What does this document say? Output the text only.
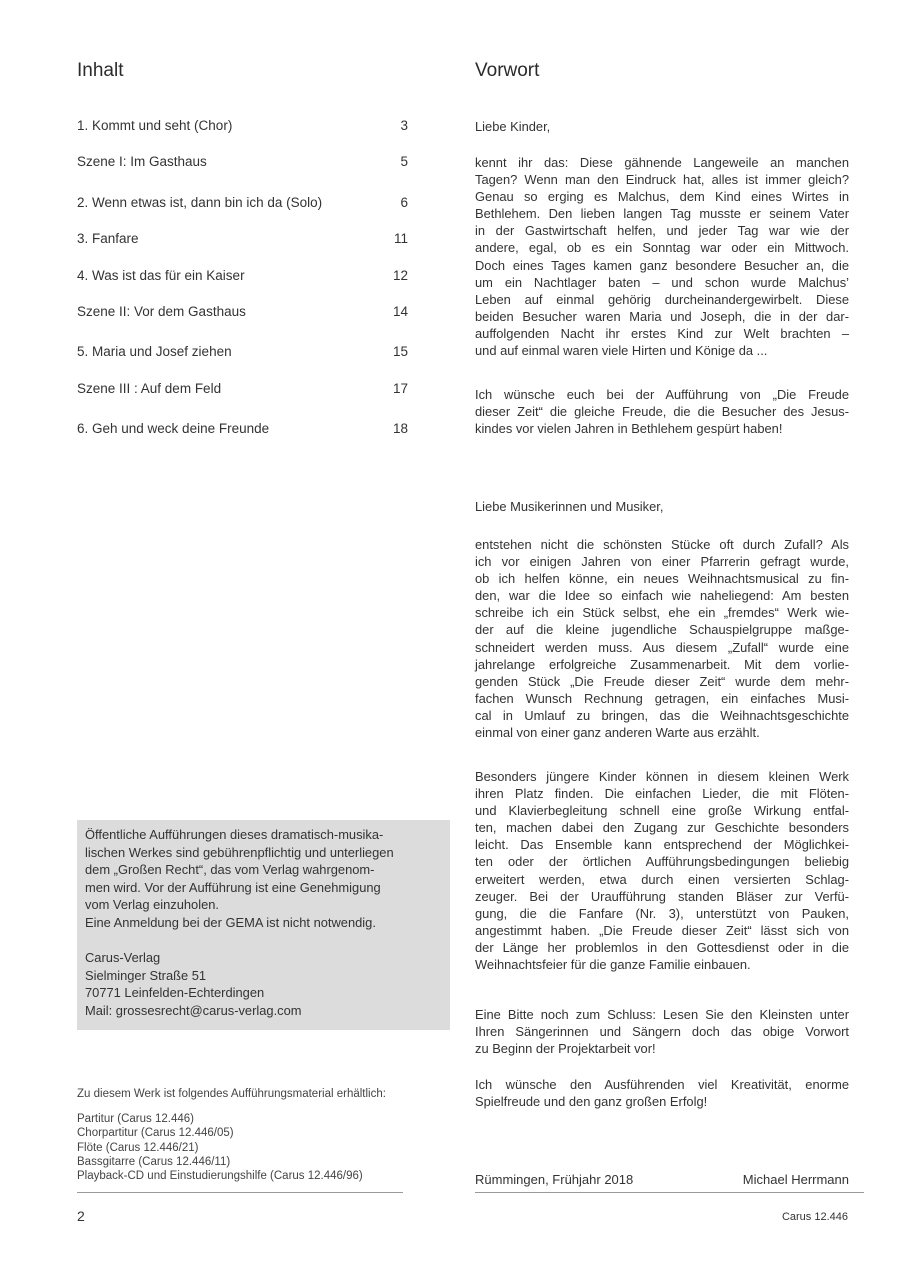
Inhalt	Vorwort
1. Kommt und seht (Chor)	3
Szene I: Im Gasthaus	5
2. Wenn etwas ist, dann bin ich da (Solo)	6
3. Fanfare	11
4. Was ist das für ein Kaiser	12
Szene II: Vor dem Gasthaus	14
5. Maria und Josef ziehen	15
Szene III : Auf dem Feld	17
6. Geh und weck deine Freunde	18
Öffentliche Aufführungen dieses dramatisch-musika-
lischen Werkes sind gebührenpflichtig und unterliegen
dem „Großen Recht“, das vom Verlag wahrgenom-
men wird. Vor der Aufführung ist eine Genehmigung
vom Verlag einzuholen.
Eine Anmeldung bei der GEMA ist nicht notwendig.
Carus-Verlag
Sielminger Straße 51
70771 Leinfelden-Echterdingen
Mail: grossesrecht@carus-verlag.com
Zu diesem Werk ist folgendes Aufführungsmaterial erhältlich:
Partitur (Carus 12.446)
Chorpartitur (Carus 12.446/05)
Flöte (Carus 12.446/21)
Bassgitarre (Carus 12.446/11)
Playback-CD und Einstudierungshilfe (Carus 12.446/96)
Liebe Kinder,
kennt ihr das: Diese gähnende Langeweile an manchen
Tagen? Wenn man den Eindruck hat, alles ist immer gleich?
Genau so erging es Malchus, dem Kind eines Wirtes in
Bethlehem. Den lieben langen Tag musste er seinem Vater
in der Gastwirtschaft helfen, und jeder Tag war wie der
andere, egal, ob es ein Sonntag war oder ein Mittwoch.
Doch eines Tages kamen ganz besondere Besucher an, die
um ein Nachtlager baten – und schon wurde Malchus’
Leben auf einmal gehörig durcheinandergewirbelt. Diese
beiden Besucher waren Maria und Joseph, die in der dar-
auffolgenden Nacht ihr erstes Kind zur Welt brachten –
und auf einmal waren viele Hirten und Könige da ...
Ich wünsche euch bei der Aufführung von „Die Freude
dieser Zeit“ die gleiche Freude, die die Besucher des Jesus-
kindes vor vielen Jahren in Bethlehem gespürt haben!
Liebe Musikerinnen und Musiker,
entstehen nicht die schönsten Stücke oft durch Zufall? Als
ich vor einigen Jahren von einer Pfarrerin gefragt wurde,
ob ich helfen könne, ein neues Weihnachtsmusical zu fin-
den, war die Idee so einfach wie naheliegend: Am besten
schreibe ich ein Stück selbst, ehe ein „fremdes“ Werk wie-
der auf die kleine jugendliche Schauspielgruppe maßge-
schneidert werden muss. Aus diesem „Zufall“ wurde eine
jahrelange erfolgreiche Zusammenarbeit. Mit dem vorlie-
genden Stück „Die Freude dieser Zeit“ wurde dem mehr-
fachen Wunsch Rechnung getragen, ein einfaches Musi-
cal in Umlauf zu bringen, das die Weihnachtsgeschichte
einmal von einer ganz anderen Warte aus erzählt.
Besonders jüngere Kinder können in diesem kleinen Werk
ihren Platz finden. Die einfachen Lieder, die mit Flöten-
und Klavierbegleitung schnell eine große Wirkung entfal-
ten, machen dabei den Zugang zur Geschichte besonders
leicht. Das Ensemble kann entsprechend der Möglichkei-
ten oder der örtlichen Aufführungsbedingungen beliebig
erweitert werden, etwa durch einen versierten Schlag-
zeuger. Bei der Uraufführung standen Bläser zur Verfü-
gung, die die Fanfare (Nr. 3), unterstützt von Pauken,
angestimmt haben. „Die Freude dieser Zeit“ lässt sich von
der Länge her problemlos in den Gottesdienst oder in die
Weihnachtsfeier für die ganze Familie einbauen.
Eine Bitte noch zum Schluss: Lesen Sie den Kleinsten unter
Ihren Sängerinnen und Sängern doch das obige Vorwort
zu Beginn der Projektarbeit vor!
Ich wünsche den Ausführenden viel Kreativität, enorme
Spielfreude und den ganz großen Erfolg!
Rümmingen, Frühjahr 2018	Michael Herrmann
2	Carus 12.446
